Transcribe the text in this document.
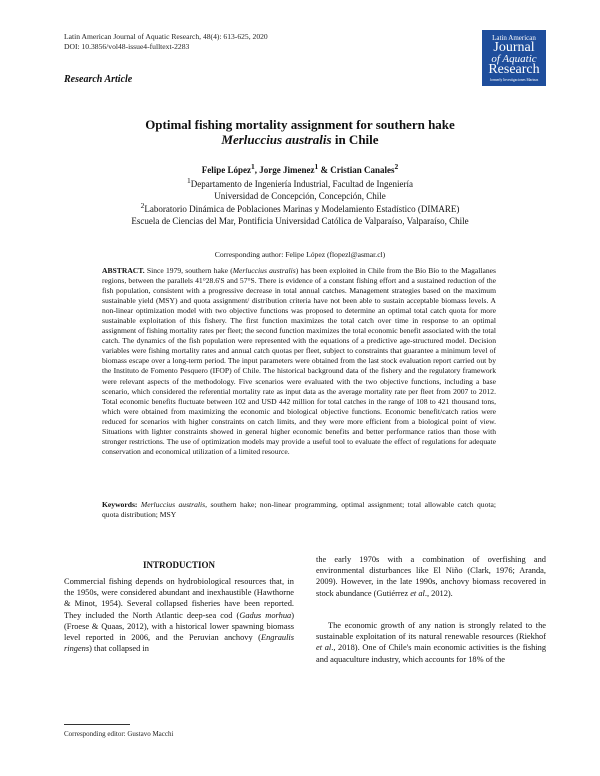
Latin American Journal of Aquatic Research, 48(4): 613-625, 2020
DOI: 10.3856/vol48-issue4-fulltext-2283
Latin American
Journal
of Aquatic
Research
formerly Investigaciones Marinas
Research Article
Optimal fishing mortality assignment for southern hake
Merluccius australis in Chile
Felipe López$^1$, Jorge Jimenez$^1$ & Cristian Canales$^2$
$^1$Departamento de Ingeniería Industrial, Facultad de Ingeniería
Universidad de Concepción, Concepción, Chile
$^2$Laboratorio Dinámica de Poblaciones Marinas y Modelamiento Estadístico (DIMARE)
Escuela de Ciencias del Mar, Pontificia Universidad Católica de Valparaíso, Valparaíso, Chile
Corresponding author: Felipe López (flopezl@asmar.cl)

ABSTRACT. Since 1979, southern hake (Merluccius australis) has been exploited in Chile from the Bío Bío to the Magallanes regions, between the parallels 41°28.6'S and 57°S. There is evidence of a constant fishing effort and a sustained reduction of the fish population, consistent with a progressive decrease in total annual catches. Management strategies based on the maximum sustainable yield (MSY) and quota assignment/ distribution criteria have not been able to sustain acceptable biomass levels. A non-linear optimization model with two objective functions was proposed to determine an optimal total catch quota for more sustainable exploitation of this fishery. The first function maximizes the total catch over time in response to an optimal assignment of fishing mortality rates per fleet; the second function maximizes the total economic benefit associated with the total catch. The dynamics of the fish population were represented with the equations of a predictive age-structured model. Decision variables were fishing mortality rates and annual catch quotas per fleet, subject to constraints that guarantee a minimum level of biomass escape over a long-term period. The input parameters were obtained from the last stock evaluation report carried out by the Instituto de Fomento Pesquero (IFOP) of Chile. The historical background data of the fishery and the regulatory framework were relevant aspects of the methodology. Five scenarios were evaluated with the two objective functions, including a base scenario, which considered the referential mortality rate as input data as the average mortality rate per fleet from 2007 to 2012. Total economic benefits fluctuate between 102 and USD 442 million for total catches in the range of 108 to 421 thousand tons, which were obtained from maximizing the economic and biological objective functions. Economic benefit/catch ratios were reduced for scenarios with higher constraints on catch limits, and they were more efficient from a biological point of view. Situations with lighter constraints showed in general higher economic benefits and better performance ratios than those with stronger restrictions. The use of optimization models may provide a useful tool to evaluate the effect of regulations for adequate conservation and economical utilization of a limited resource.

Keywords: Merluccius australis, southern hake; non-linear programming, optimal assignment; total allowable catch quota; quota distribution; MSY

INTRODUCTION

Commercial fishing depends on hydrobiological resources that, in the 1950s, were considered abundant and inexhaustible (Hawthorne & Minot, 1954). Several collapsed fisheries have been reported. They included the North Atlantic deep-sea cod (Gadus morhua) (Froese & Quaas, 2012), with a historical lower spawning biomass level reported in 2006, and the Peruvian anchovy (Engraulis ringens) that collapsed in

the early 1970s with a combination of overfishing and environmental disturbances like El Niño (Clark, 1976; Aranda, 2009). However, in the late 1990s, anchovy biomass recovered in stock abundance (Gutiérrez et al., 2012).

The economic growth of any nation is strongly related to the sustainable exploitation of its natural renewable resources (Riekhof et al., 2018). One of Chile's main economic activities is the fishing and aquaculture industry, which accounts for 18% of the

Corresponding editor: Gustavo Macchi
